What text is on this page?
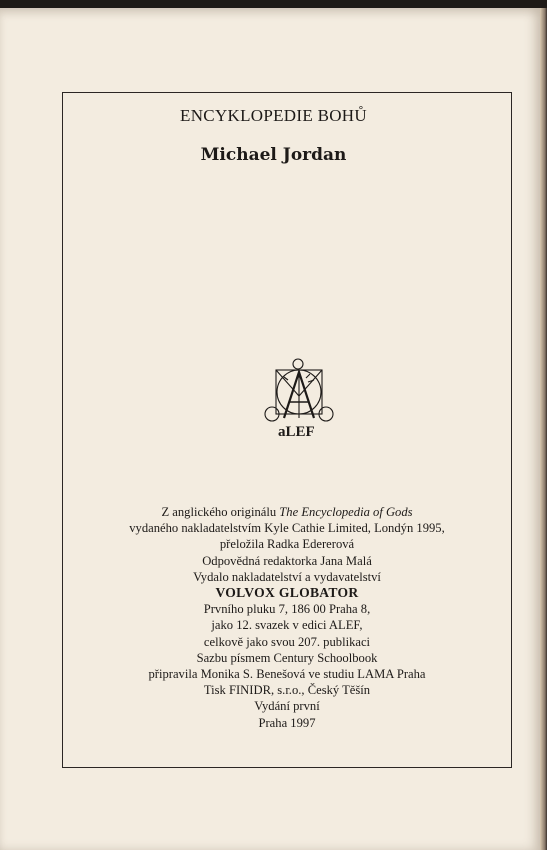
ENCYKLOPEDIE BOHŮ
Michael Jordan
aLEF
Z anglického originálu The Encyclopedia of Gods
vydaného nakladatelstvím Kyle Cathie Limited, Londýn 1995,
přeložila Radka Edererová
Odpovědná redaktorka Jana Malá
Vydalo nakladatelství a vydavatelství
VOLVOX GLOBATOR
Prvního pluku 7, 186 00 Praha 8,
jako 12. svazek v edici ALEF,
celkově jako svou 207. publikaci
Sazbu písmem Century Schoolbook
připravila Monika S. Benešová ve studiu LAMA Praha
Tisk FINIDR, s.r.o., Český Těšín
Vydání první
Praha 1997
